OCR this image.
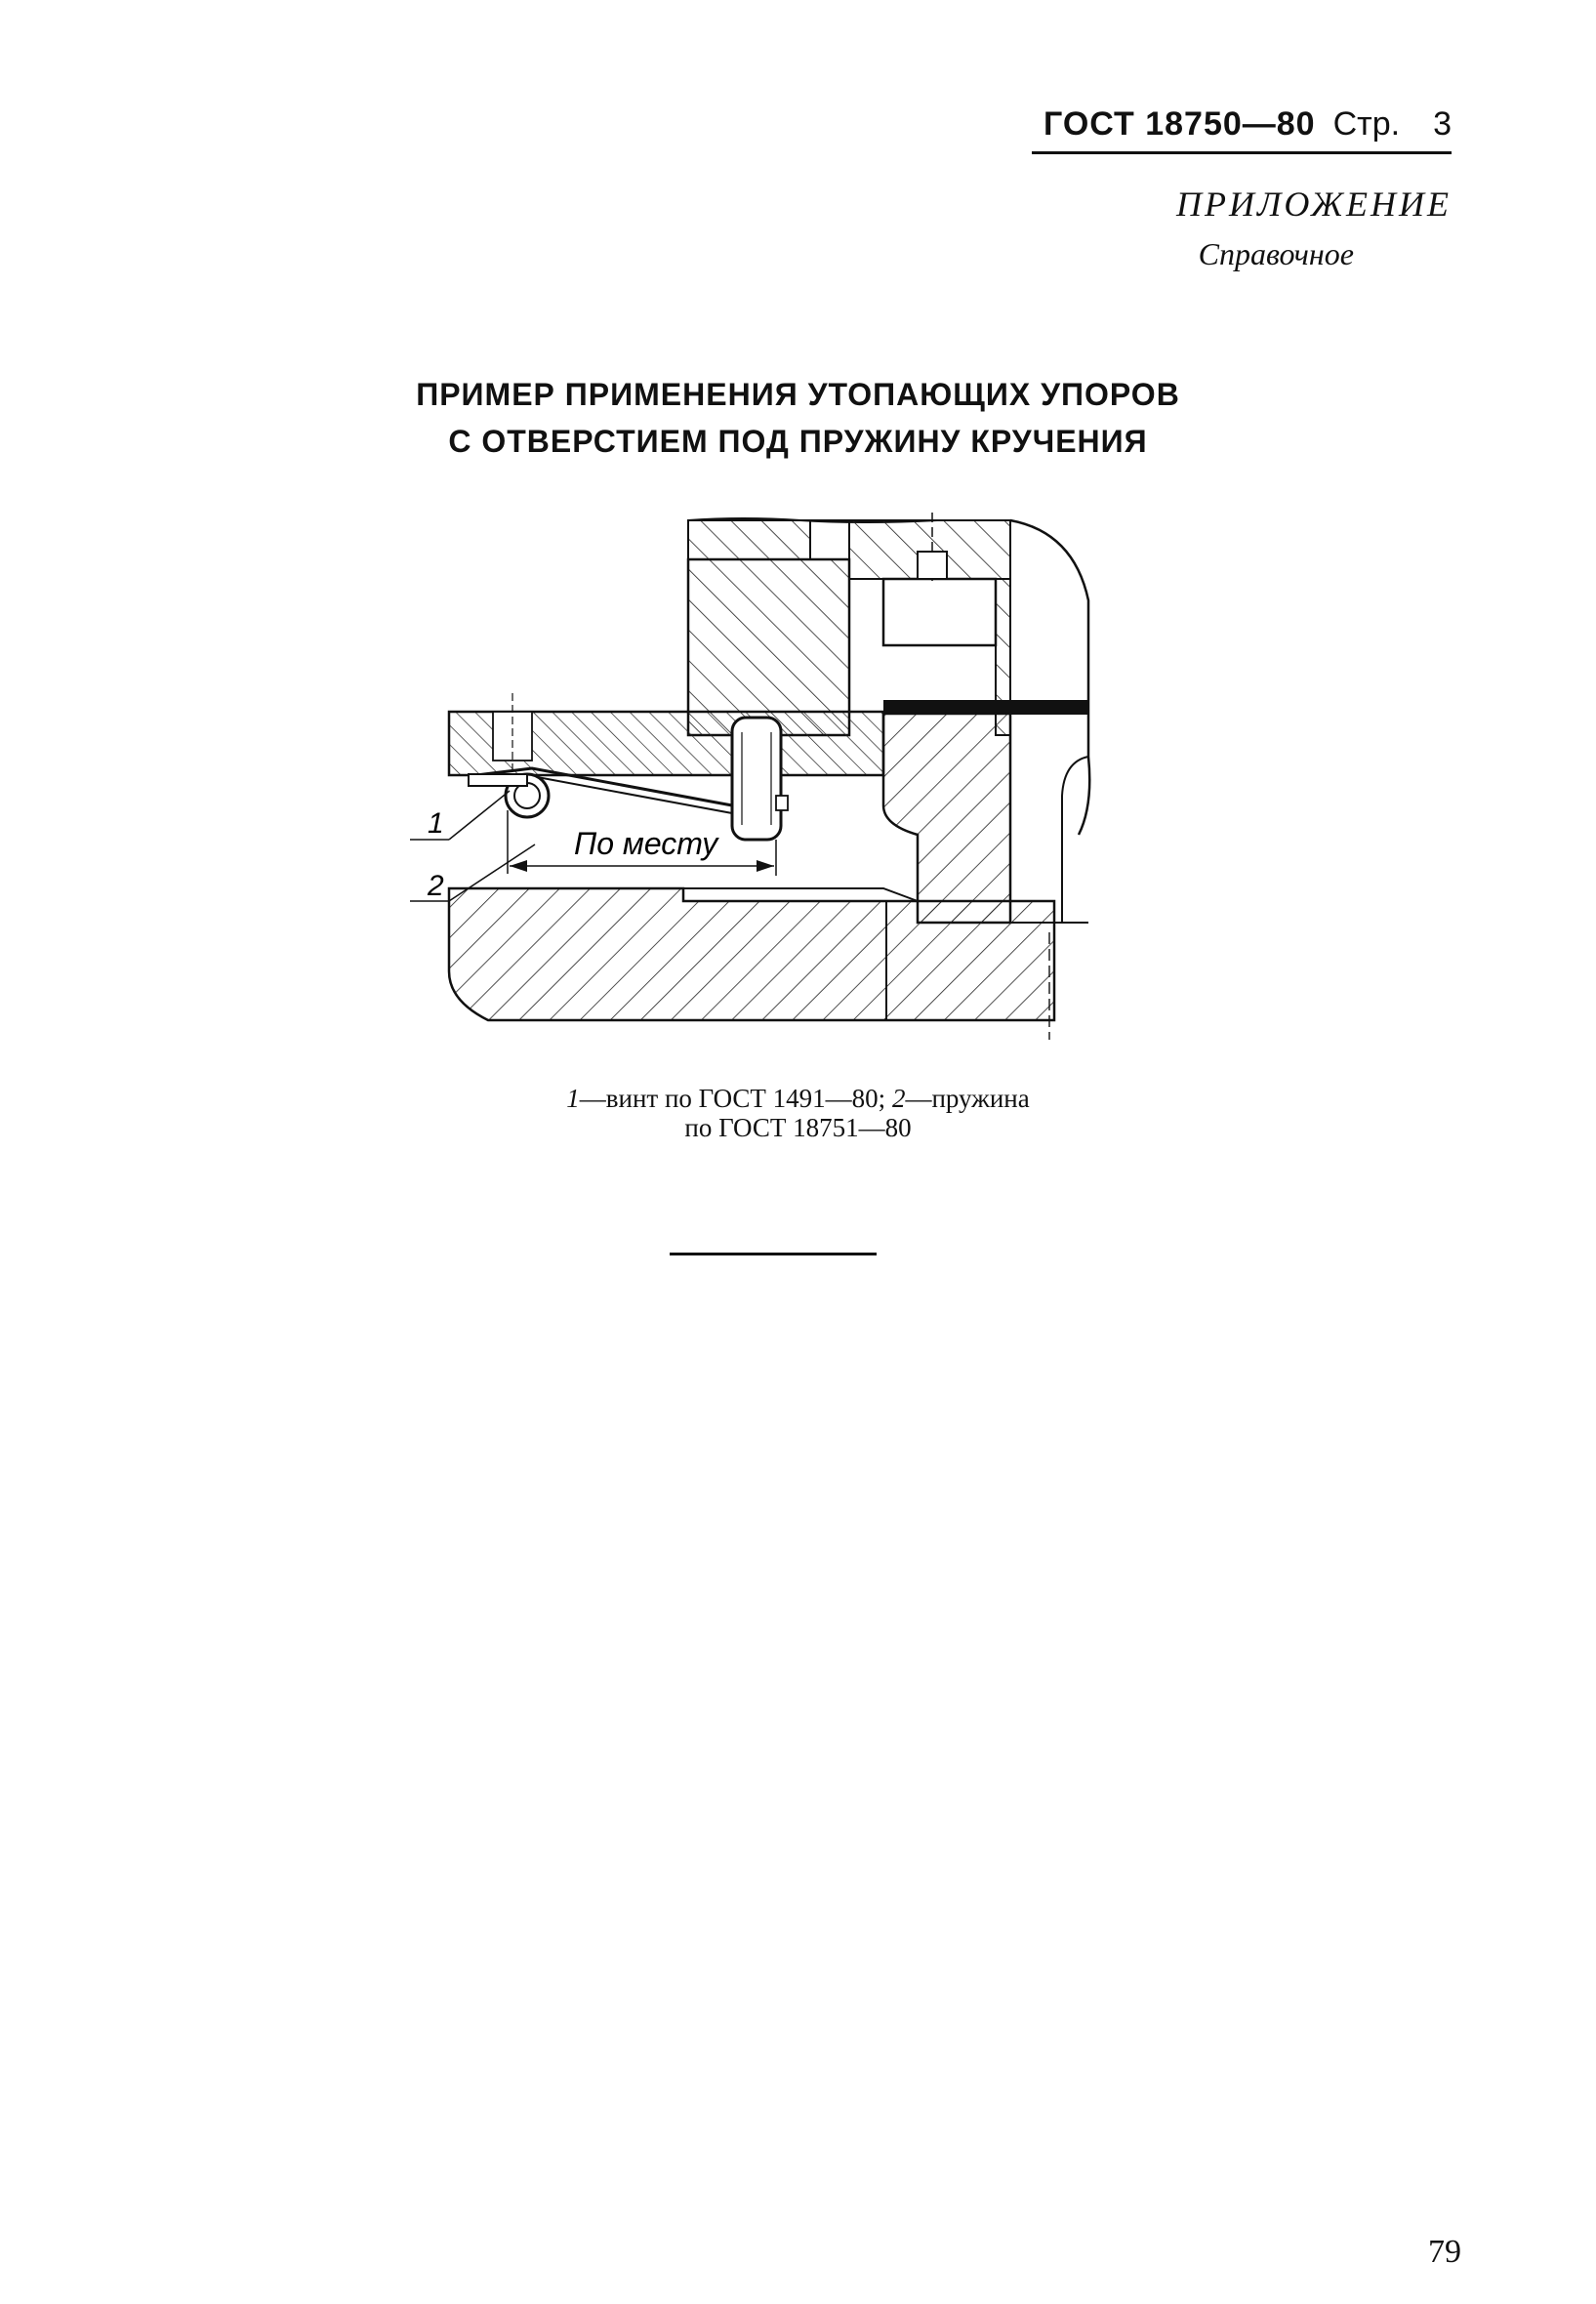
ГОСТ 18750—80 Стр. 3
ПРИЛОЖЕНИЕ
Справочное
ПРИМЕР ПРИМЕНЕНИЯ УТОПАЮЩИХ УПОРОВ
С ОТВЕРСТИЕМ ПОД ПРУЖИНУ КРУЧЕНИЯ
По месту
1
2
1—винт по ГОСТ 1491—80; 2—пружина
по ГОСТ 18751—80
79
